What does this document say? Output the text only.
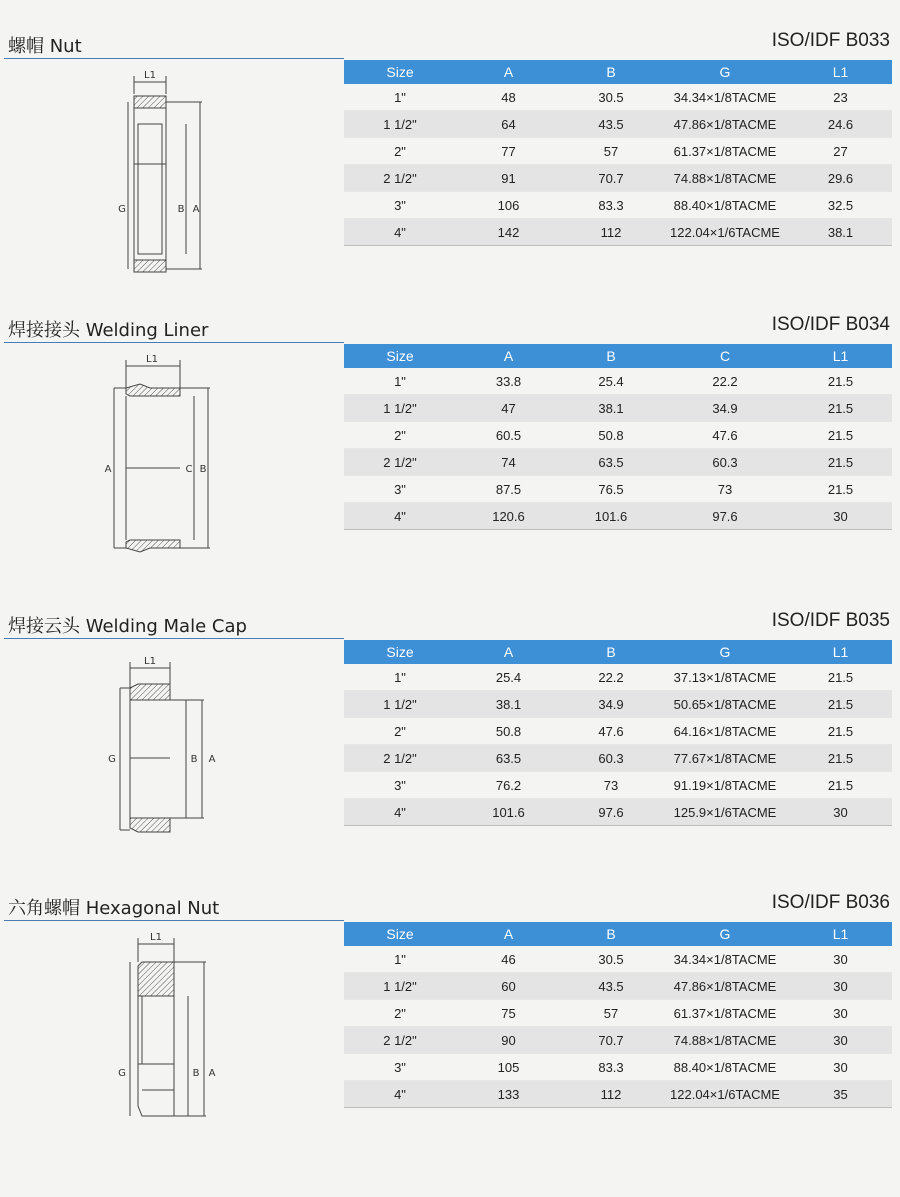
螺帽 Nut	ISO/IDF B033
L1
G	B A
Size	A	B	G	L1
1"	48	30.5	34.34×1/8TACME	23
1 1/2"	64	43.5	47.86×1/8TACME	24.6
2"	77	57	61.37×1/8TACME	27
2 1/2"	91	70.7	74.88×1/8TACME	29.6
3"	106	83.3	88.40×1/8TACME	32.5
4"	142	112	122.04×1/6TACME	38.1
焊接接头 Welding Liner	ISO/IDF B034
L1
A	C B
Size	A	B	C	L1
1"	33.8	25.4	22.2	21.5
1 1/2"	47	38.1	34.9	21.5
2"	60.5	50.8	47.6	21.5
2 1/2"	74	63.5	60.3	21.5
3"	87.5	76.5	73	21.5
4"	120.6	101.6	97.6	30
焊接云头 Welding Male Cap	ISO/IDF B035
L1
G	B A
Size	A	B	G	L1
1"	25.4	22.2	37.13×1/8TACME	21.5
1 1/2"	38.1	34.9	50.65×1/8TACME	21.5
2"	50.8	47.6	64.16×1/8TACME	21.5
2 1/2"	63.5	60.3	77.67×1/8TACME	21.5
3"	76.2	73	91.19×1/8TACME	21.5
4"	101.6	97.6	125.9×1/6TACME	30
六角螺帽 Hexagonal Nut	ISO/IDF B036
L1
G	B A
Size	A	B	G	L1
1"	46	30.5	34.34×1/8TACME	30
1 1/2"	60	43.5	47.86×1/8TACME	30
2"	75	57	61.37×1/8TACME	30
2 1/2"	90	70.7	74.88×1/8TACME	30
3"	105	83.3	88.40×1/8TACME	30
4"	133	112	122.04×1/6TACME	35
